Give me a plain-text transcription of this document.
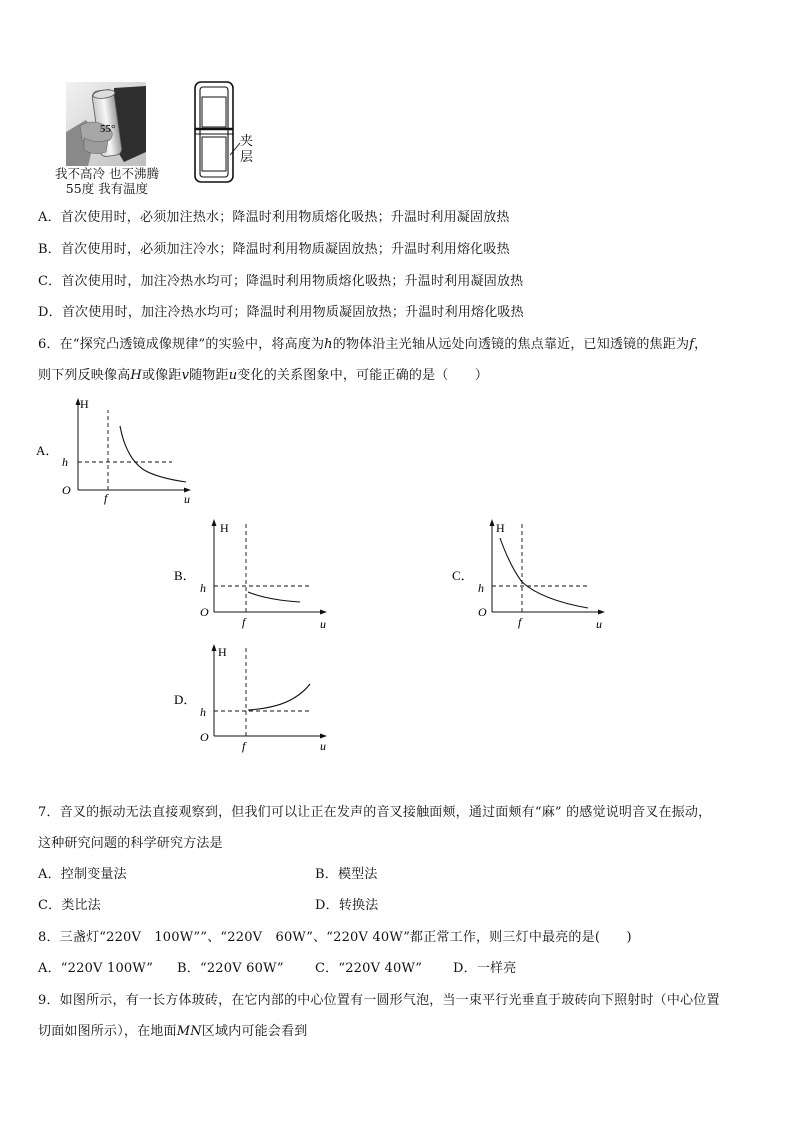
55°
我不高冷 也不沸腾
55度 我有温度
夹
层
A．首次使用时，必须加注热水；降温时利用物质熔化吸热；升温时利用凝固放热
B．首次使用时，必须加注冷水；降温时利用物质凝固放热；升温时利用熔化吸热
C．首次使用时，加注冷热水均可；降温时利用物质熔化吸热；升温时利用凝固放热
D．首次使用时，加注冷热水均可；降温时利用物质凝固放热；升温时利用熔化吸热
6．在“探究凸透镜成像规律”的实验中，将高度为h的物体沿主光轴从远处向透镜的焦点靠近，已知透镜的焦距为f，
则下列反映像高H或像距v随物距u变化的关系图象中，可能正确的是（　　）
A．
H
u
O
h
f
B．
H
u
O
h
f
C．
H
u
O
h
f
D．
H
u
O
h
f
7．音叉的振动无法直接观察到，但我们可以让正在发声的音叉接触面颊，通过面颊有“麻” 的感觉说明音叉在振动，
这种研究问题的科学研究方法是
A．控制变量法	B．模型法
C．类比法	D．转换法
8．三盏灯“220V　100W””、“220V　60W”、“220V 40W”都正常工作，则三灯中最亮的是(　　)
A．“220V 100W” B．“220V 60W” C．“220V 40W” D．一样亮
9．如图所示，有一长方体玻砖，在它内部的中心位置有一圆形气泡，当一束平行光垂直于玻砖向下照射时（中心位置
切面如图所示），在地面MN区域内可能会看到
